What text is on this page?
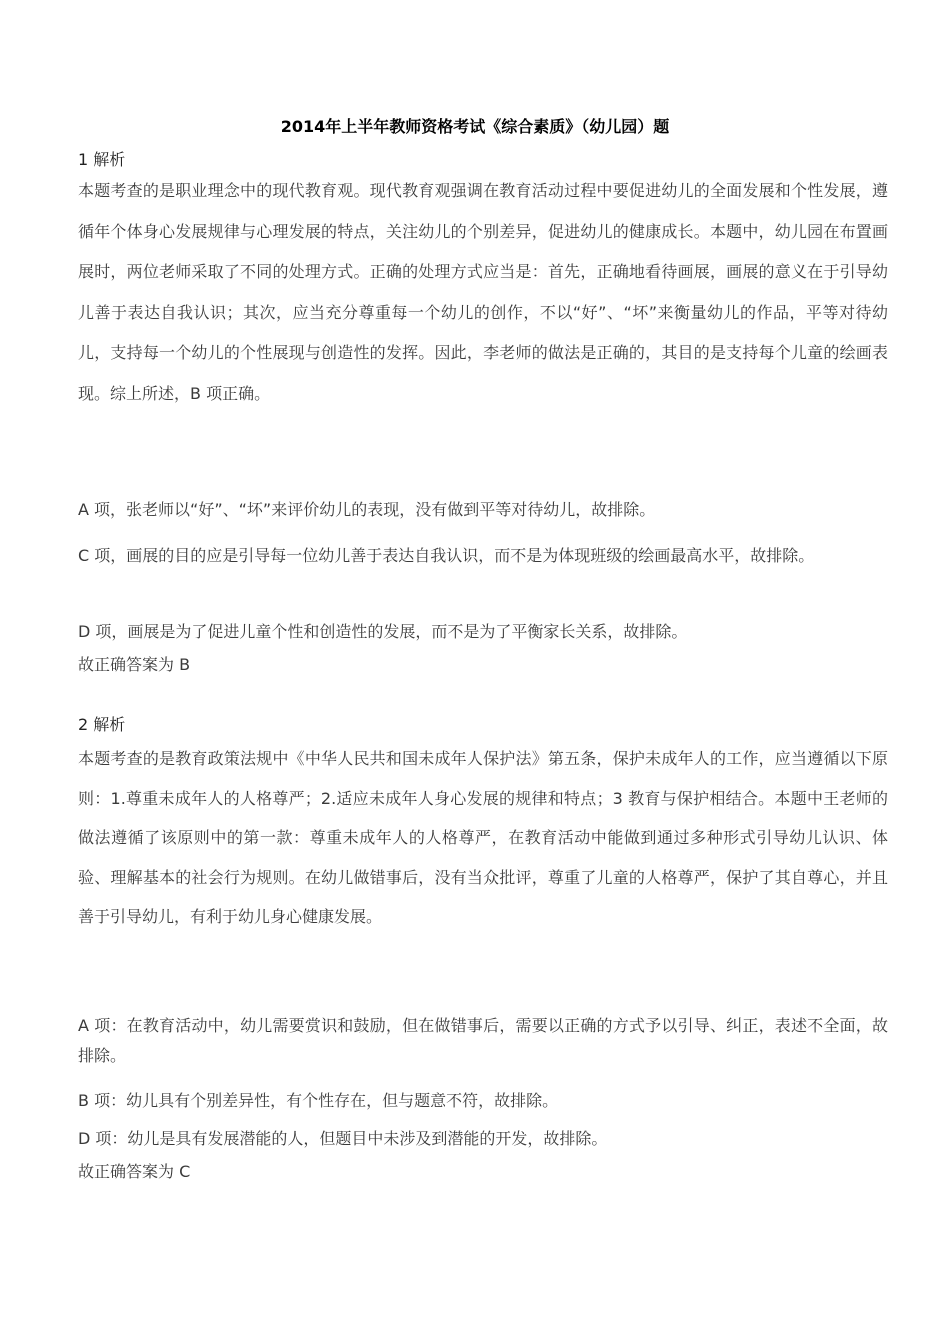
2014年上半年教师资格考试《综合素质》（幼儿园）题

1 解析

本题考查的是职业理念中的现代教育观。现代教育观强调在教育活动过程中要促进幼儿的全面发展和个性发展，遵循年个体身心发展规律与心理发展的特点，关注幼儿的个别差异，促进幼儿的健康成长。本题中，幼儿园在布置画展时，两位老师采取了不同的处理方式。正确的处理方式应当是：首先，正确地看待画展，画展的意义在于引导幼儿善于表达自我认识；其次，应当充分尊重每一个幼儿的创作，不以“好”、“坏”来衡量幼儿的作品，平等对待幼儿，支持每一个幼儿的个性展现与创造性的发挥。因此，李老师的做法是正确的，其目的是支持每个儿童的绘画表现。综上所述，B 项正确。

A 项，张老师以“好”、“坏”来评价幼儿的表现，没有做到平等对待幼儿，故排除。

C 项，画展的目的应是引导每一位幼儿善于表达自我认识，而不是为体现班级的绘画最高水平，故排除。

D 项，画展是为了促进儿童个性和创造性的发展，而不是为了平衡家长关系，故排除。

故正确答案为 B

2 解析

本题考查的是教育政策法规中《中华人民共和国未成年人保护法》第五条，保护未成年人的工作，应当遵循以下原则：1.尊重未成年人的人格尊严；2.适应未成年人身心发展的规律和特点；3 教育与保护相结合。本题中王老师的做法遵循了该原则中的第一款：尊重未成年人的人格尊严，在教育活动中能做到通过多种形式引导幼儿认识、体验、理解基本的社会行为规则。在幼儿做错事后，没有当众批评，尊重了儿童的人格尊严，保护了其自尊心，并且善于引导幼儿，有利于幼儿身心健康发展。

A 项：在教育活动中，幼儿需要赏识和鼓励，但在做错事后，需要以正确的方式予以引导、纠正，表述不全面，故排除。

B 项：幼儿具有个别差异性，有个性存在，但与题意不符，故排除。

D 项：幼儿是具有发展潜能的人，但题目中未涉及到潜能的开发，故排除。

故正确答案为 C
